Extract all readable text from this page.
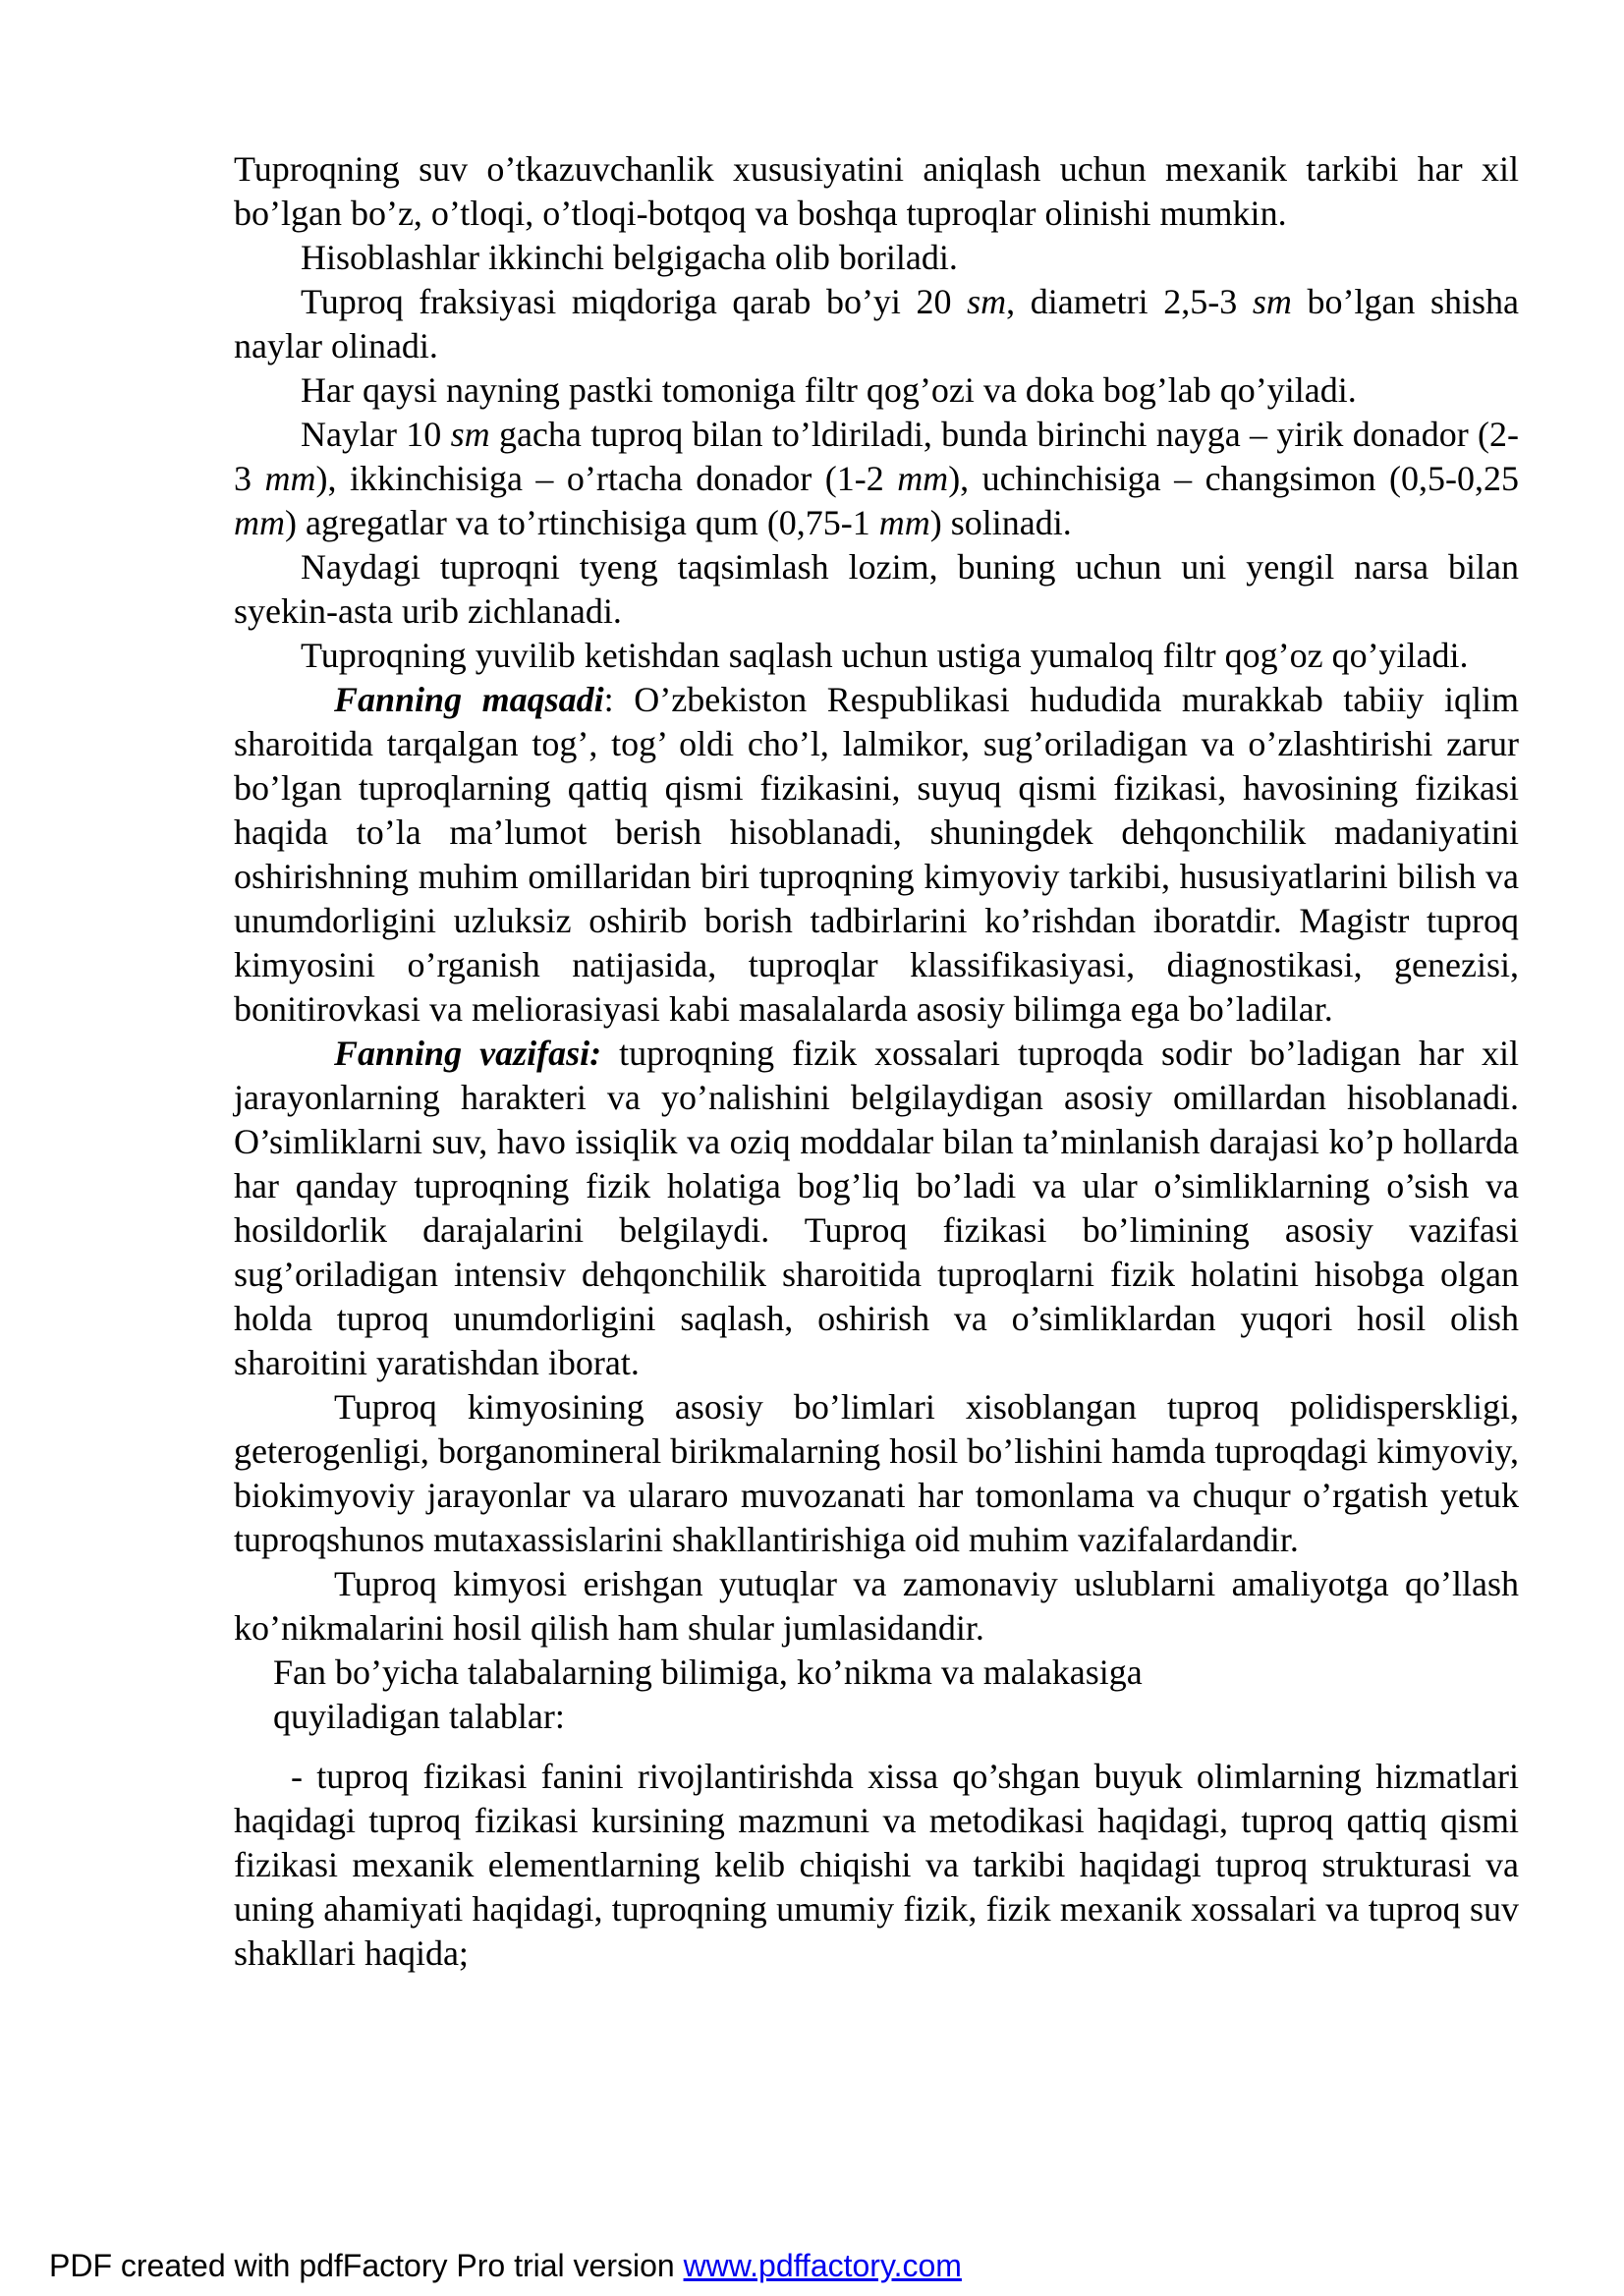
Tuproqning suv o’tkazuvchanlik xususiyatini aniqlash uchun mexanik tarkibi har xil bo’lgan bo’z, o’tloqi, o’tloqi-botqoq va boshqa tuproqlar olinishi mumkin.

Hisoblashlar ikkinchi belgigacha olib boriladi.

Tuproq fraksiyasi miqdoriga qarab bo’yi 20 sm, diametri 2,5-3 sm bo’lgan shisha naylar olinadi.

Har qaysi nayning pastki tomoniga filtr qog’ozi va doka bog’lab qo’yiladi.

Naylar 10 sm gacha tuproq bilan to’ldiriladi, bunda birinchi nayga – yirik donador (2-3 mm), ikkinchisiga – o’rtacha donador (1-2 mm), uchinchisiga – changsimon (0,5-0,25 mm) agregatlar va to’rtinchisiga qum (0,75-1 mm) solinadi.

Naydagi tuproqni tyeng taqsimlash lozim, buning uchun uni yengil narsa bilan syekin-asta urib zichlanadi.

Tuproqning yuvilib ketishdan saqlash uchun ustiga yumaloq filtr qog’oz qo’yiladi.

Fanning maqsadi: O’zbekiston Respublikasi hududida murakkab tabiiy iqlim sharoitida tarqalgan tog’, tog’ oldi cho’l, lalmikor, sug’oriladigan va o’zlashtirishi zarur bo’lgan tuproqlarning qattiq qismi fizikasini, suyuq qismi fizikasi, havosining fizikasi haqida to’la ma’lumot berish hisoblanadi, shuningdek dehqonchilik madaniyatini oshirishning muhim omillaridan biri tuproqning kimyoviy tarkibi, hususiyatlarini bilish va unumdorligini uzluksiz oshirib borish tadbirlarini ko’rishdan iboratdir. Magistr tuproq kimyosini o’rganish natijasida, tuproqlar klassifikasiyasi, diagnostikasi, genezisi, bonitirovkasi va meliorasiyasi kabi masalalarda asosiy bilimga ega bo’ladilar.

Fanning vazifasi: tuproqning fizik xossalari tuproqda sodir bo’ladigan har xil jarayonlarning harakteri va yo’nalishini belgilaydigan asosiy omillardan hisoblanadi. O’simliklarni suv, havo issiqlik va oziq moddalar bilan ta’minlanish darajasi ko’p hollarda har qanday tuproqning fizik holatiga bog’liq bo’ladi va ular o’simliklarning o’sish va hosildorlik darajalarini belgilaydi. Tuproq fizikasi bo’limining asosiy vazifasi sug’oriladigan intensiv dehqonchilik sharoitida tuproqlarni fizik holatini hisobga olgan holda tuproq unumdorligini saqlash, oshirish va o’simliklardan yuqori hosil olish sharoitini yaratishdan iborat.

Tuproq kimyosining asosiy bo’limlari xisoblangan tuproq polidisperskligi, geterogenligi, borganomineral birikmalarning hosil bo’lishini hamda tuproqdagi kimyoviy, biokimyoviy jarayonlar va ulararo muvozanati har tomonlama va chuqur o’rgatish yetuk tuproqshunos mutaxassislarini shakllantirishiga oid muhim vazifalardandir.

Tuproq kimyosi erishgan yutuqlar va zamonaviy uslublarni amaliyotga qo’llash ko’nikmalarini hosil qilish ham shular jumlasidandir.

Fan bo’yicha talabalarning bilimiga, ko’nikma va malakasiga quyiladigan talablar:

- tuproq fizikasi fanini rivojlantirishda xissa qo’shgan buyuk olimlarning hizmatlari haqidagi tuproq fizikasi kursining mazmuni va metodikasi haqidagi, tuproq qattiq qismi fizikasi mexanik elementlarning kelib chiqishi va tarkibi haqidagi tuproq strukturasi va uning ahamiyati haqidagi, tuproqning umumiy fizik, fizik mexanik xossalari va tuproq suv shakllari haqida;

PDF created with pdfFactory Pro trial version www.pdffactory.com
